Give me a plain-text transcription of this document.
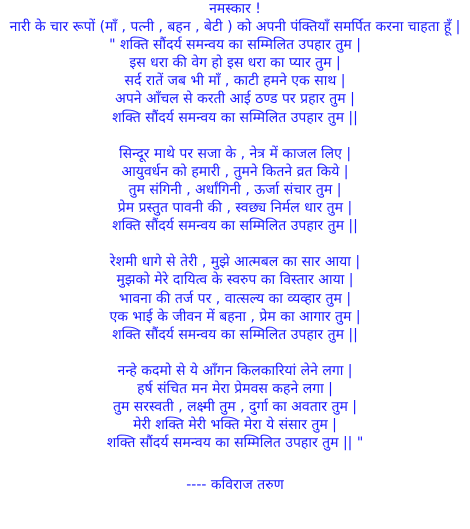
नमस्कार !
नारी के चार रूपों (माँ , पत्नी , बहन , बेटी ) को अपनी पंक्तियाँ समर्पित करना चाहता हूँ |
" शक्ति सौंदर्य समन्वय का सम्मिलित उपहार तुम |
इस धरा की वेग हो इस धरा का प्यार तुम |
सर्द रातें जब भी माँ , काटी हमने एक साथ |
अपने आँचल से करती आई ठण्ड पर प्रहार तुम |
शक्ति सौंदर्य समन्वय का सम्मिलित उपहार तुम ||
सिन्दूर माथे पर सजा के , नेत्र में काजल लिए |
आयुवर्धन को हमारी , तुमने कितने व्रत किये |
तुम संगिनी , अर्धांगिनी , ऊर्जा संचार तुम |
प्रेम प्रस्तुत पावनी की , स्वछ्य निर्मल धार तुम |
शक्ति सौंदर्य समन्वय का सम्मिलित उपहार तुम ||
रेशमी धागे से तेरी , मुझे आत्मबल का सार आया |
मुझको मेरे दायित्व के स्वरुप का विस्तार आया |
भावना की तर्ज पर , वात्सल्य का व्यव्हार तुम |
एक भाई के जीवन में बहना , प्रेम का आगार तुम |
शक्ति सौंदर्य समन्वय का सम्मिलित उपहार तुम ||
नन्हे कदमो से ये आँगन किलकारियां लेने लगा |
हर्ष संचित मन मेरा प्रेमवस कहने लगा |
तुम सरस्वती , लक्ष्मी तुम , दुर्गा का अवतार तुम |
मेरी शक्ति मेरी भक्ति मेरा ये संसार तुम |
शक्ति सौंदर्य समन्वय का सम्मिलित उपहार तुम || "
---- कविराज तरुण
